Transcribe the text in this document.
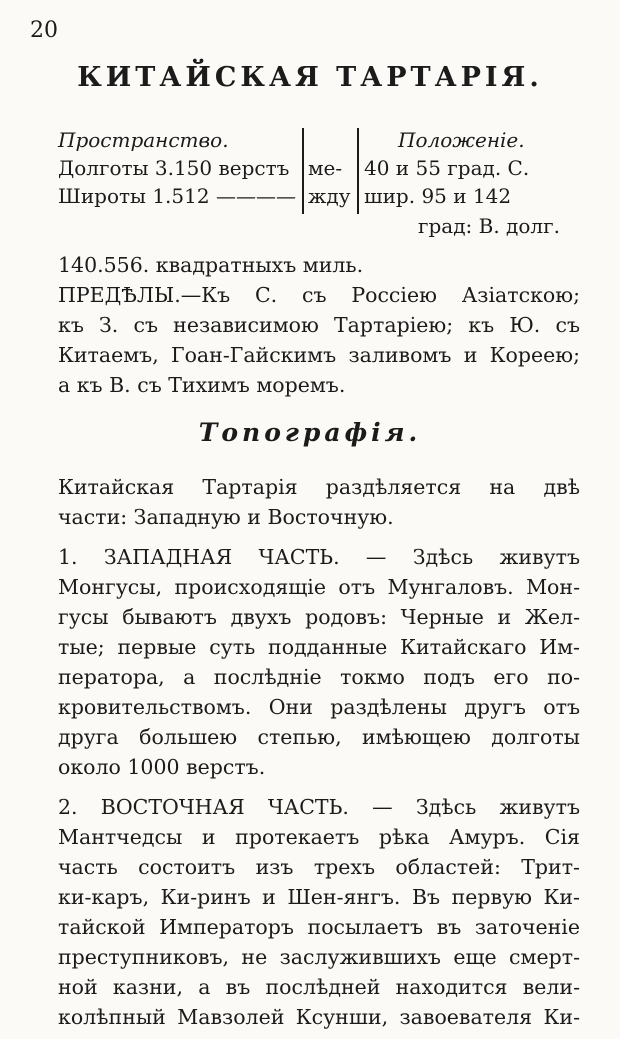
20
КИТАЙСКАЯ ТАРТАРІЯ.
Пространство.	Положеніе.
Долготы 3.150 верстъ
Широты 1.512 ————
ме-
жду
40 и 55 град. С.
шир. 95 и 142
град: В. долг.
140.556. квадратныхъ миль.
ПРЕДѢЛЫ.—Къ С. съ Россіею Азіатскою;
къ З. съ независимою Тартаріею; къ Ю. съ
Китаемъ, Гоан-Гайскимъ заливомъ и Кореею;
а къ В. съ Тихимъ моремъ.
Топографія.
Китайская Тартарія раздѣляется на двѣ
части: Западную и Восточную.
1. ЗАПАДНАЯ ЧАСТЬ. — Здѣсь живутъ
Монгусы, происходящіе отъ Мунгаловъ. Мон-
гусы бываютъ двухъ родовъ: Черные и Жел-
тые; первые суть подданные Китайскаго Им-
ператора, а послѣдніе токмо подъ его по-
кровительствомъ. Они раздѣлены другъ отъ
друга большею степью, имѣющею долготы
около 1000 верстъ.
2. ВОСТОЧНАЯ ЧАСТЬ. — Здѣсь живутъ
Мантчедсы и протекаетъ рѣка Амуръ. Сія
часть состоитъ изъ трехъ областей: Трит-
ки-каръ, Ки-ринъ и Шен-янгъ. Въ первую Ки-
тайской Императоръ посылаетъ въ заточеніе
преступниковъ, не заслужившихъ еще смерт-
ной казни, а въ послѣдней находится вели-
колѣпный Мавзолей Ксунши, завоевателя Ки-
